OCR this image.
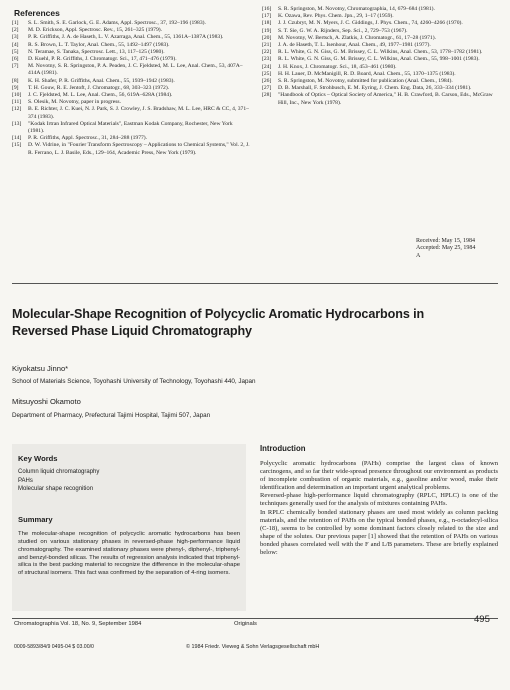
References
[1]	S. L. Smith, S. E. Garlock, G. E. Adams, Appl. Spectrosc., 37, 192–196 (1983).
[2]	M. D. Erickson, Appl. Spectrosc. Rev., 15, 261–325 (1979).
[3]	P. R. Griffiths, J. A. de Haseth, L. V. Azarraga, Anal. Chem., 55, 1361A–1387A (1983).
[4]	R. S. Brown, L. T. Taylor, Anal. Chem., 55, 1492–1497 (1983).
[5]	N. Teramae, S. Tanaka, Spectrosc. Lett., 13, 117–125 (1980).
[6]	D. Kuehl, P. R. Griffiths, J. Chromatogr. Sci., 17, 471–476 (1979).
[7]	M. Novotny, S. R. Springston, P. A. Peaden, J. C. Fjeldsted, M. L. Lee, Anal. Chem., 53, 407A–414A (1981).
[8]	K. H. Shafer, P. R. Griffiths, Anal. Chem., 55, 1939–1942 (1983).
[9]	T. H. Gouw, R. E. Jentoft, J. Chromatogr., 68, 303–323 (1972).
[10]	J. C. Fjeldsted, M. L. Lee, Anal. Chem., 56, 619A–628A (1984).
[11]	S. Olesik, M. Novotny, paper in progress.
[12]	B. E. Richter, J. C. Kuei, N. J. Park, S. J. Crowley, J. S. Bradshaw, M. L. Lee, HRC & CC, 4, 371–374 (1983).
[13]	"Kodak Irtran Infrared Optical Materials", Eastman Kodak Company, Rochester, New York (1981).
[14]	P. R. Griffiths, Appl. Spectrosc., 31, 284–288 (1977).
[15]	D. W. Vidrine, in "Fourier Transform Spectroscopy – Applications to Chemical Systems," Vol. 2, J. R. Ferrano, L. J. Basile, Eds., 129–164, Academic Press, New York (1979).
[16]	S. R. Springston, M. Novotny, Chromatographia, 14, 679–684 (1981).
[17]	K. Ozawa, Rev. Phys. Chem. Jpn., 29, 1–17 (1959).
[18]	J. J. Czubryt, M. N. Myers, J. C. Giddings, J. Phys. Chem., 74, 4260–4266 (1970).
[19]	S. T. Sie, G. W. A. Rijnders, Sep. Sci., 2, 729–753 (1967).
[20]	M. Novotny, W. Bertsch, A. Zlatkis, J. Chromatogr., 61, 17–28 (1971).
[21]	J. A. de Haseth, T. L. Isenhour, Anal. Chem., 49, 1977–1981 (1977).
[22]	R. L. White, G. N. Giss, G. M. Brissey, C. L. Wilkins, Anal. Chem., 53, 1778–1782 (1981).
[23]	R. L. White, G. N. Giss, G. M. Brissey, C. L. Wilkins, Anal. Chem., 55, 998–1001 (1983).
[24]	J. H. Knox, J. Chromatogr. Sci., 18, 453–461 (1980).
[25]	H. H. Lauer, D. McManigill, R. D. Board, Anal. Chem., 55, 1370–1375 (1983).
[26]	S. R. Springston, M. Novotny, submitted for publication (Anal. Chem., 1984).
[27]	D. B. Marshall, F. Strohbusch, E. M. Eyring, J. Chem. Eng. Data, 26, 333–334 (1981).
[28]	"Handbook of Optics – Optical Society of America," H. B. Crawford, B. Carson, Eds., McGraw Hill, Inc., New York (1978).
Received: May 15, 1984
Accepted: May 25, 1984
A
Molecular-Shape Recognition of Polycyclic Aromatic Hydrocarbons in
Reversed Phase Liquid Chromatography
Kiyokatsu Jinno*
School of Materials Science, Toyohashi University of Technology, Toyohashi 440, Japan
Mitsuyoshi Okamoto
Department of Pharmacy, Prefectural Tajimi Hospital, Tajimi 507, Japan
Key Words
Column liquid chromatography
PAHs
Molecular shape recognition
Summary
The molecular-shape recognition of polycyclic aromatic hydrocarbons has been studied on various stationary phases in reversed-phase high-performance liquid chromatography. The examined stationary phases were phenyl-, diphenyl-, triphenyl- and benzyl-bonded silicas. The results of regression analysis indicated that triphenyl-silica is the best packing material to recognize the difference in the molecular-shape of structural isomers. This fact was confirmed by the separation of 4-ring isomers.
Introduction

Polycyclic aromatic hydrocarbons (PAHs) comprise the largest class of known carcinogens, and so far their wide-spread presence throughout our environment as products of incomplete combustion of organic materials, e.g., gasoline and/or wood, make their identification and determination an important urgent analytical problems.

Reversed-phase high-performance liquid chromatography (RPLC, HPLC) is one of the techniques generally used for the analysis of mixtures containing PAHs.

In RPLC chemically bonded stationary phases are used most widely as column packing materials, and the retention of PAHs on the typical bonded phases, e.g., n-octadecyl-silica (C-18), seems to be controlled by some dominant factors closely related to the size and shape of the solutes. Our previous paper [1] showed that the retention of PAHs on various bonded phases correlated well with the F and L/B parameters. These are briefly explained below:

Chromatographia Vol. 18, No. 9, September 1984	Originals	495
0009-5893/84/9 0495-04 $ 03.00/0	© 1984 Friedr. Vieweg & Sohn Verlagsgesellschaft mbH
